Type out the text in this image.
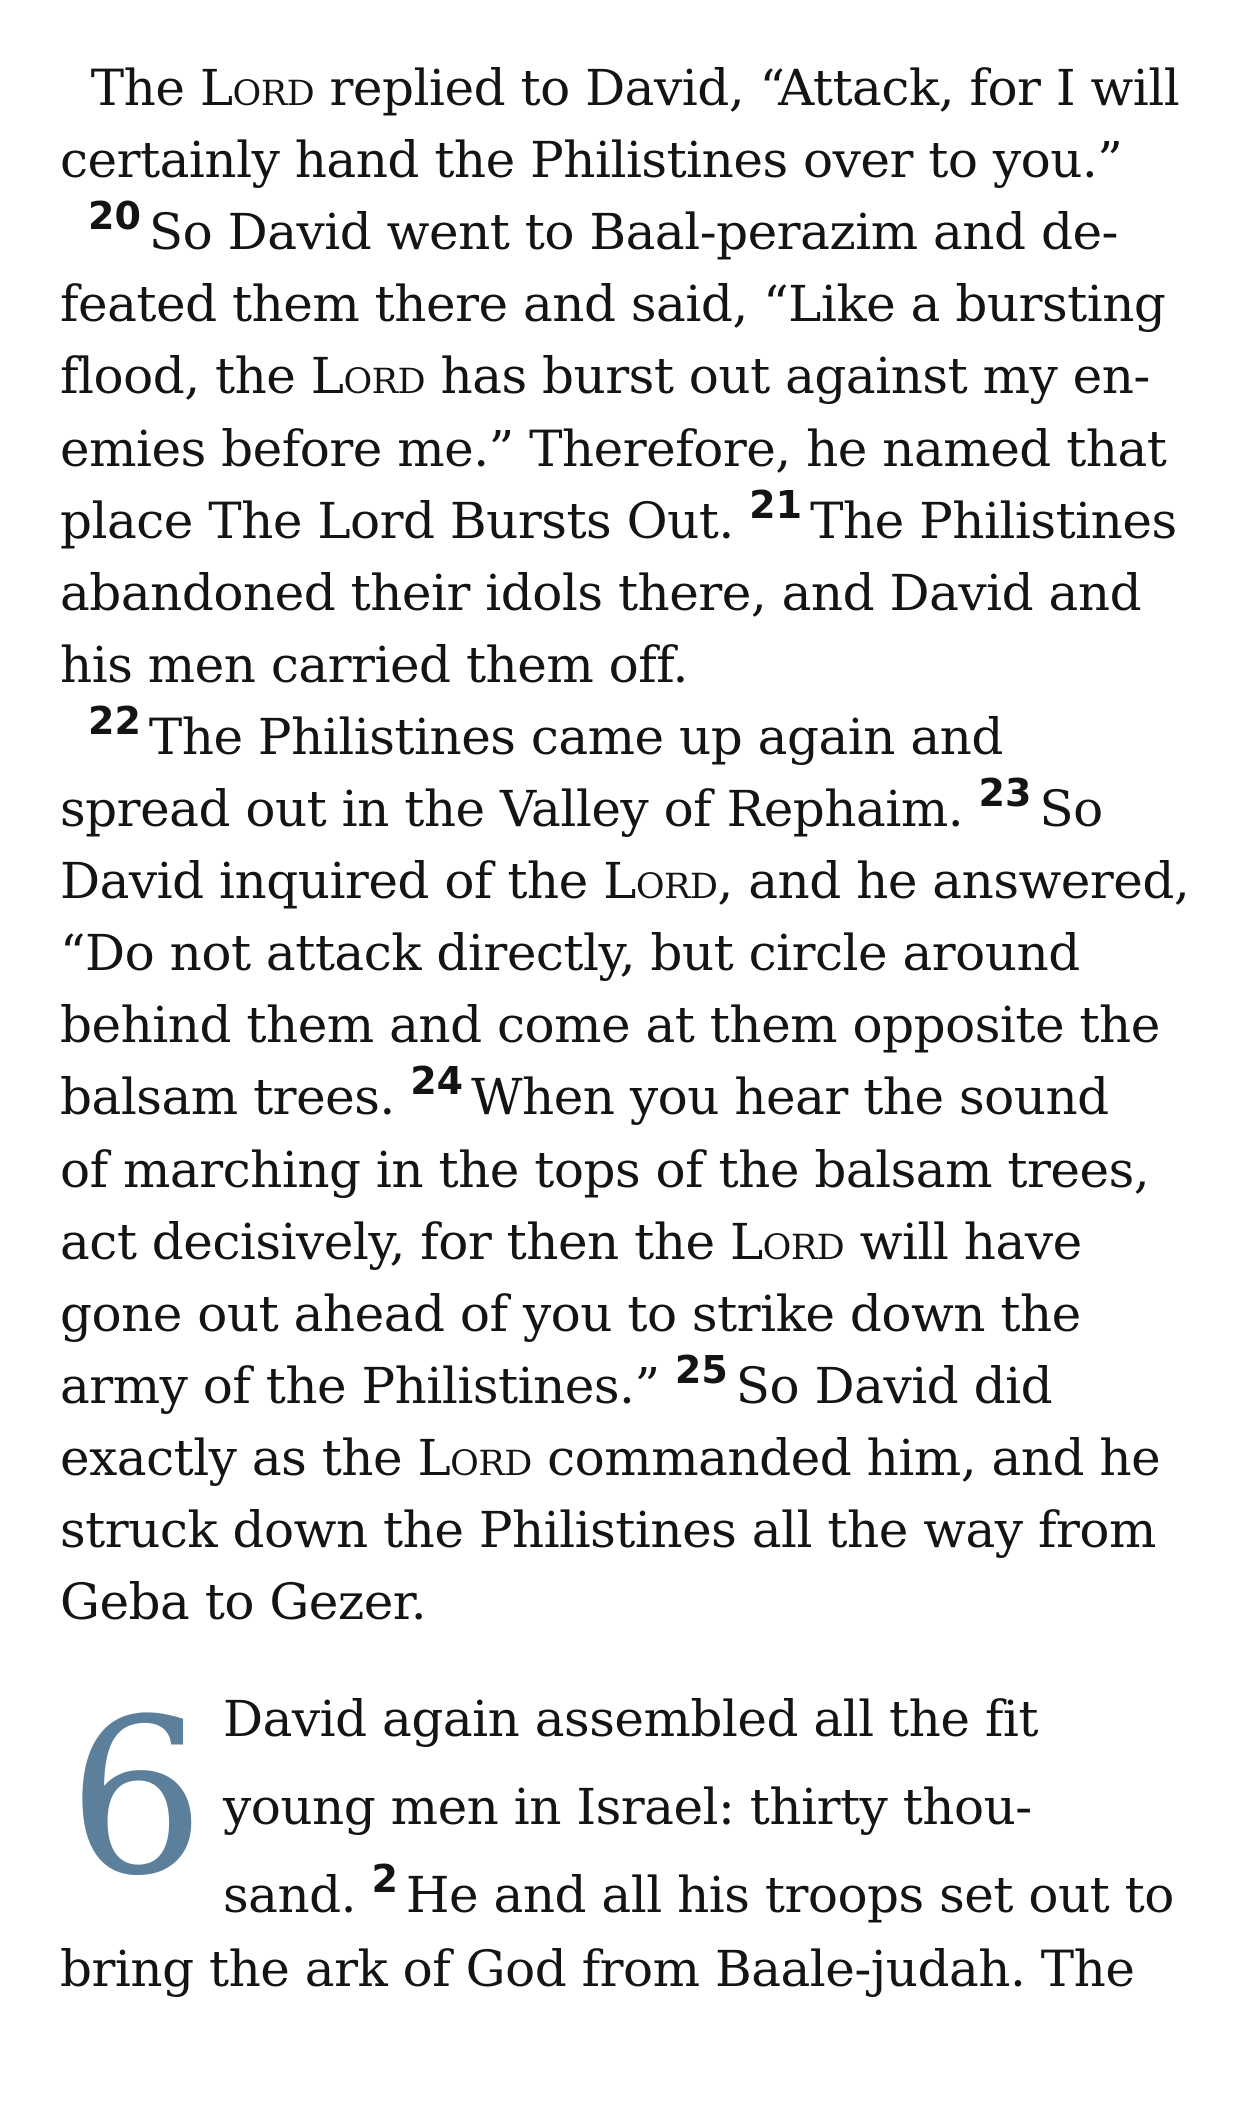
The Lord replied to David, “Attack, for I will
certainly hand the Philistines over to you.”
$^{20}$ So David went to Baal-perazim and de-
feated them there and said, “Like a bursting
flood, the Lord has burst out against my en-
emies before me.” Therefore, he named that
place The Lord Bursts Out. $^{21}$ The Philistines
abandoned their idols there, and David and
his men carried them off.
$^{22}$ The Philistines came up again and
spread out in the Valley of Rephaim. $^{23}$ So
David inquired of the Lord, and he answered,
“Do not attack directly, but circle around
behind them and come at them opposite the
balsam trees. $^{24}$ When you hear the sound
of marching in the tops of the balsam trees,
act decisively, for then the Lord will have
gone out ahead of you to strike down the
army of the Philistines.” $^{25}$ So David did
exactly as the Lord commanded him, and he
struck down the Philistines all the way from
Geba to Gezer.
6 David again assembled all the fit
young men in Israel: thirty thou-
sand. $^2$ He and all his troops set out to
bring the ark of God from Baale-judah. The
